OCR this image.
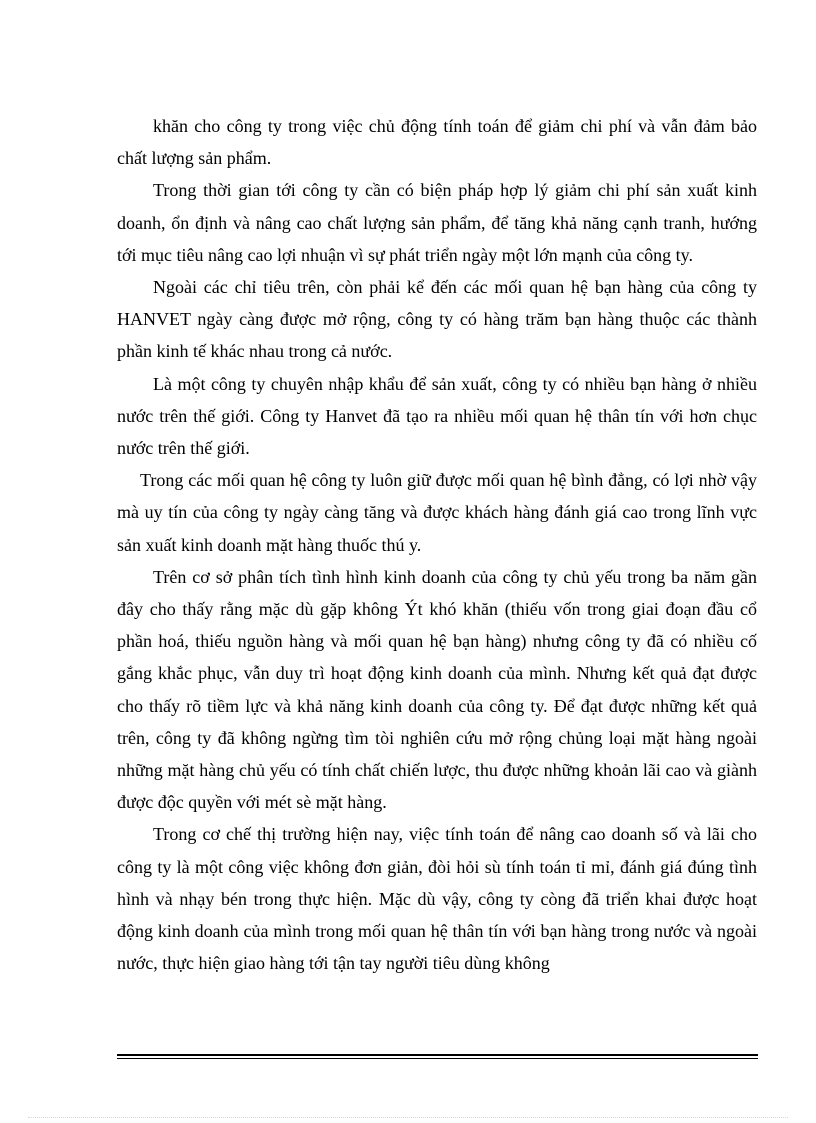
khăn cho công ty trong việc chủ động tính toán để giảm chi phí và vẫn đảm bảo chất lượng sản phẩm.

Trong thời gian tới công ty cần có biện pháp hợp lý giảm chi phí sản xuất kinh doanh, ổn định và nâng cao chất lượng sản phẩm, để tăng khả năng cạnh tranh, hướng tới mục tiêu nâng cao lợi nhuận vì sự phát triển ngày một lớn mạnh của công ty.

Ngoài các chỉ tiêu trên, còn phải kể đến các mối quan hệ bạn hàng của công ty HANVET ngày càng được mở rộng, công ty có hàng trăm bạn hàng thuộc các thành phần kinh tế khác nhau trong cả nước.

Là một công ty chuyên nhập khẩu để sản xuất, công ty có nhiều bạn hàng ở nhiều nước trên thế giới. Công ty Hanvet đã tạo ra nhiều mối quan hệ thân tín với hơn chục nước trên thế giới.

Trong các mối quan hệ công ty luôn giữ được mối quan hệ bình đẳng, có lợi nhờ vậy mà uy tín của công ty ngày càng tăng và được khách hàng đánh giá cao trong lĩnh vực sản xuất kinh doanh mặt hàng thuốc thú y.

Trên cơ sở phân tích tình hình kinh doanh của công ty chủ yếu trong ba năm gần đây cho thấy rằng mặc dù gặp không Ýt khó khăn (thiếu vốn trong giai đoạn đầu cổ phần hoá, thiếu nguồn hàng và mối quan hệ bạn hàng) nhưng công ty đã có nhiều cố gắng khắc phục, vẫn duy trì hoạt động kinh doanh của mình. Nhưng kết quả đạt được cho thấy rõ tiềm lực và khả năng kinh doanh của công ty. Để đạt được những kết quả trên, công ty đã không ngừng tìm tòi nghiên cứu mở rộng chủng loại mặt hàng ngoài những mặt hàng chủ yếu có tính chất chiến lược, thu được những khoản lãi cao và giành được độc quyền với mét sè mặt hàng.

Trong cơ chế thị trường hiện nay, việc tính toán để nâng cao doanh số và lãi cho công ty là một công việc không đơn giản, đòi hỏi sù tính toán tỉ mỉ, đánh giá đúng tình hình và nhạy bén trong thực hiện. Mặc dù vậy, công ty còng đã triển khai được hoạt động kinh doanh của mình trong mối quan hệ thân tín với bạn hàng trong nước và ngoài nước, thực hiện giao hàng tới tận tay người tiêu dùng không
